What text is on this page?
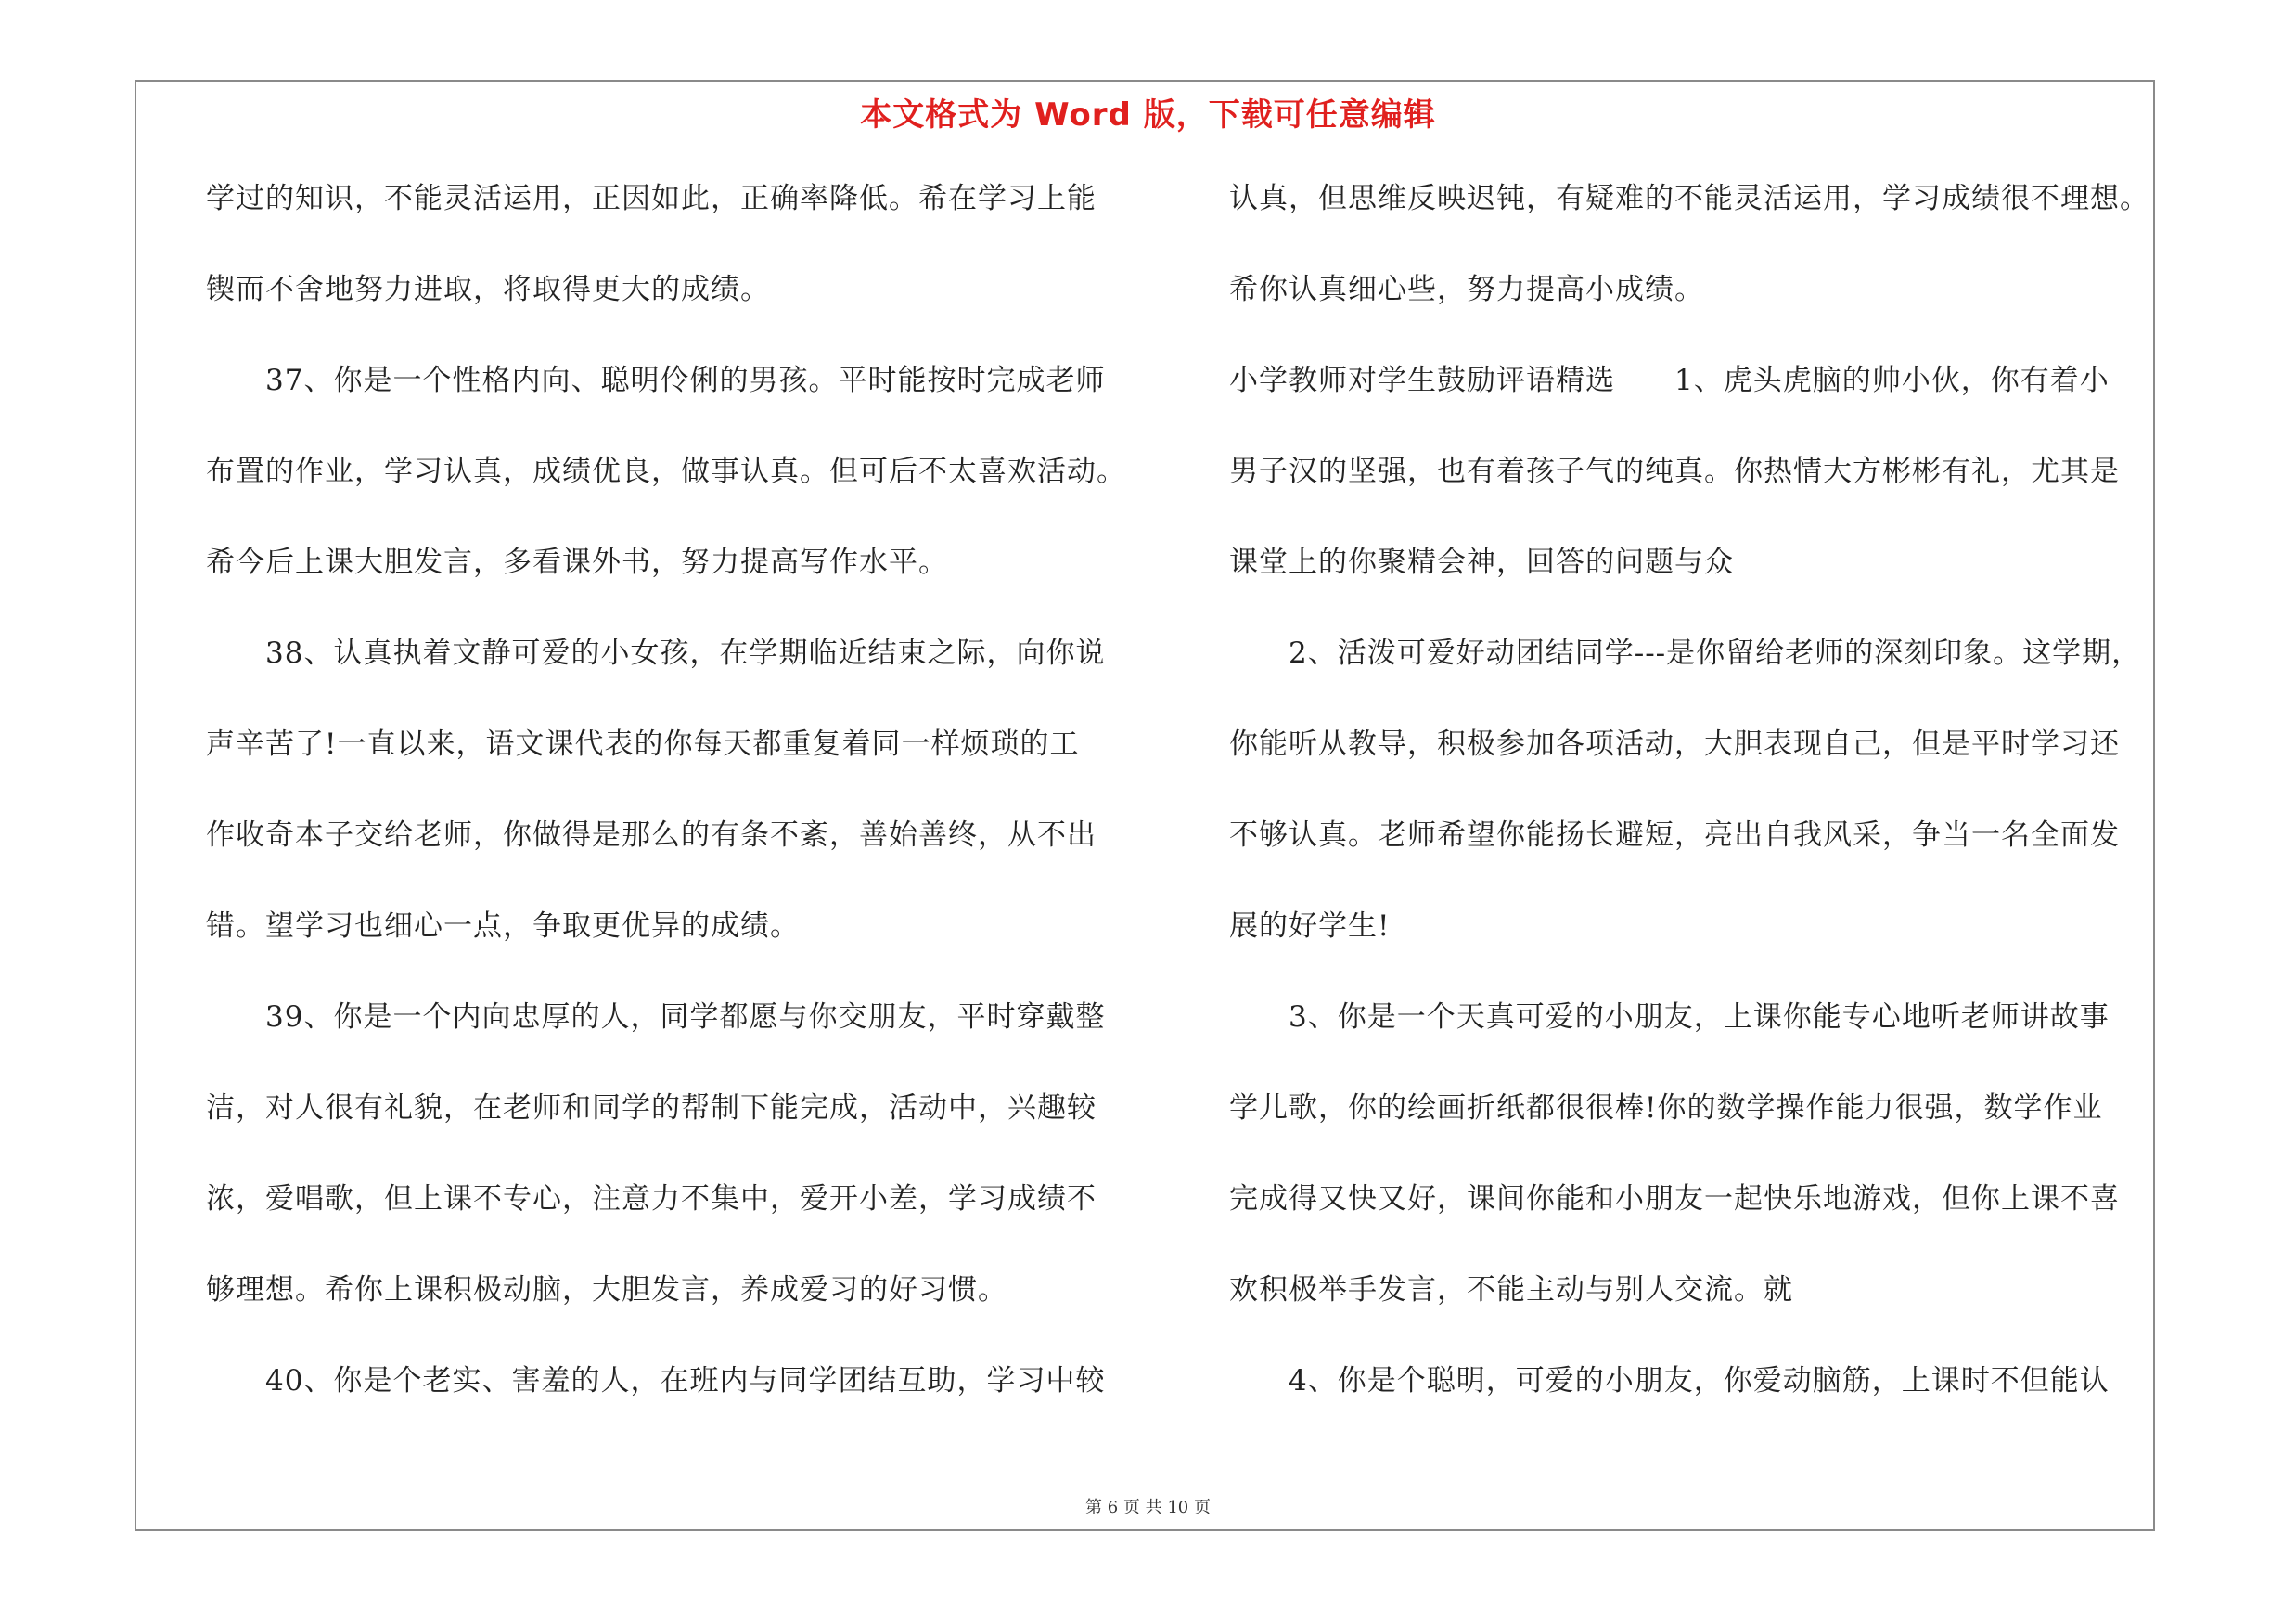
本文格式为 Word 版，下载可任意编辑
学过的知识，不能灵活运用，正因如此，正确率降低。希在学习上能
锲而不舍地努力进取，将取得更大的成绩。
　　37、你是一个性格内向、聪明伶俐的男孩。平时能按时完成老师
布置的作业，学习认真，成绩优良，做事认真。但可后不太喜欢活动。
希今后上课大胆发言，多看课外书，努力提高写作水平。
　　38、认真执着文静可爱的小女孩，在学期临近结束之际，向你说
声辛苦了!一直以来，语文课代表的你每天都重复着同一样烦琐的工
作收奇本子交给老师，你做得是那么的有条不紊，善始善终，从不出
错。望学习也细心一点，争取更优异的成绩。
　　39、你是一个内向忠厚的人，同学都愿与你交朋友，平时穿戴整
洁，对人很有礼貌，在老师和同学的帮制下能完成，活动中，兴趣较
浓，爱唱歌，但上课不专心，注意力不集中，爱开小差，学习成绩不
够理想。希你上课积极动脑，大胆发言，养成爱习的好习惯。
　　40、你是个老实、害羞的人，在班内与同学团结互助，学习中较
认真，但思维反映迟钝，有疑难的不能灵活运用，学习成绩很不理想。
希你认真细心些，努力提高小成绩。
小学教师对学生鼓励评语精选　　1、虎头虎脑的帅小伙，你有着小
男子汉的坚强，也有着孩子气的纯真。你热情大方彬彬有礼，尤其是
课堂上的你聚精会神，回答的问题与众
　　2、活泼可爱好动团结同学---是你留给老师的深刻印象。这学期，
你能听从教导，积极参加各项活动，大胆表现自己，但是平时学习还
不够认真。老师希望你能扬长避短，亮出自我风采，争当一名全面发
展的好学生!
　　3、你是一个天真可爱的小朋友，上课你能专心地听老师讲故事
学儿歌，你的绘画折纸都很很棒!你的数学操作能力很强，数学作业
完成得又快又好，课间你能和小朋友一起快乐地游戏，但你上课不喜
欢积极举手发言，不能主动与别人交流。就
　　4、你是个聪明，可爱的小朋友，你爱动脑筋，上课时不但能认
第 6 页 共 10 页
